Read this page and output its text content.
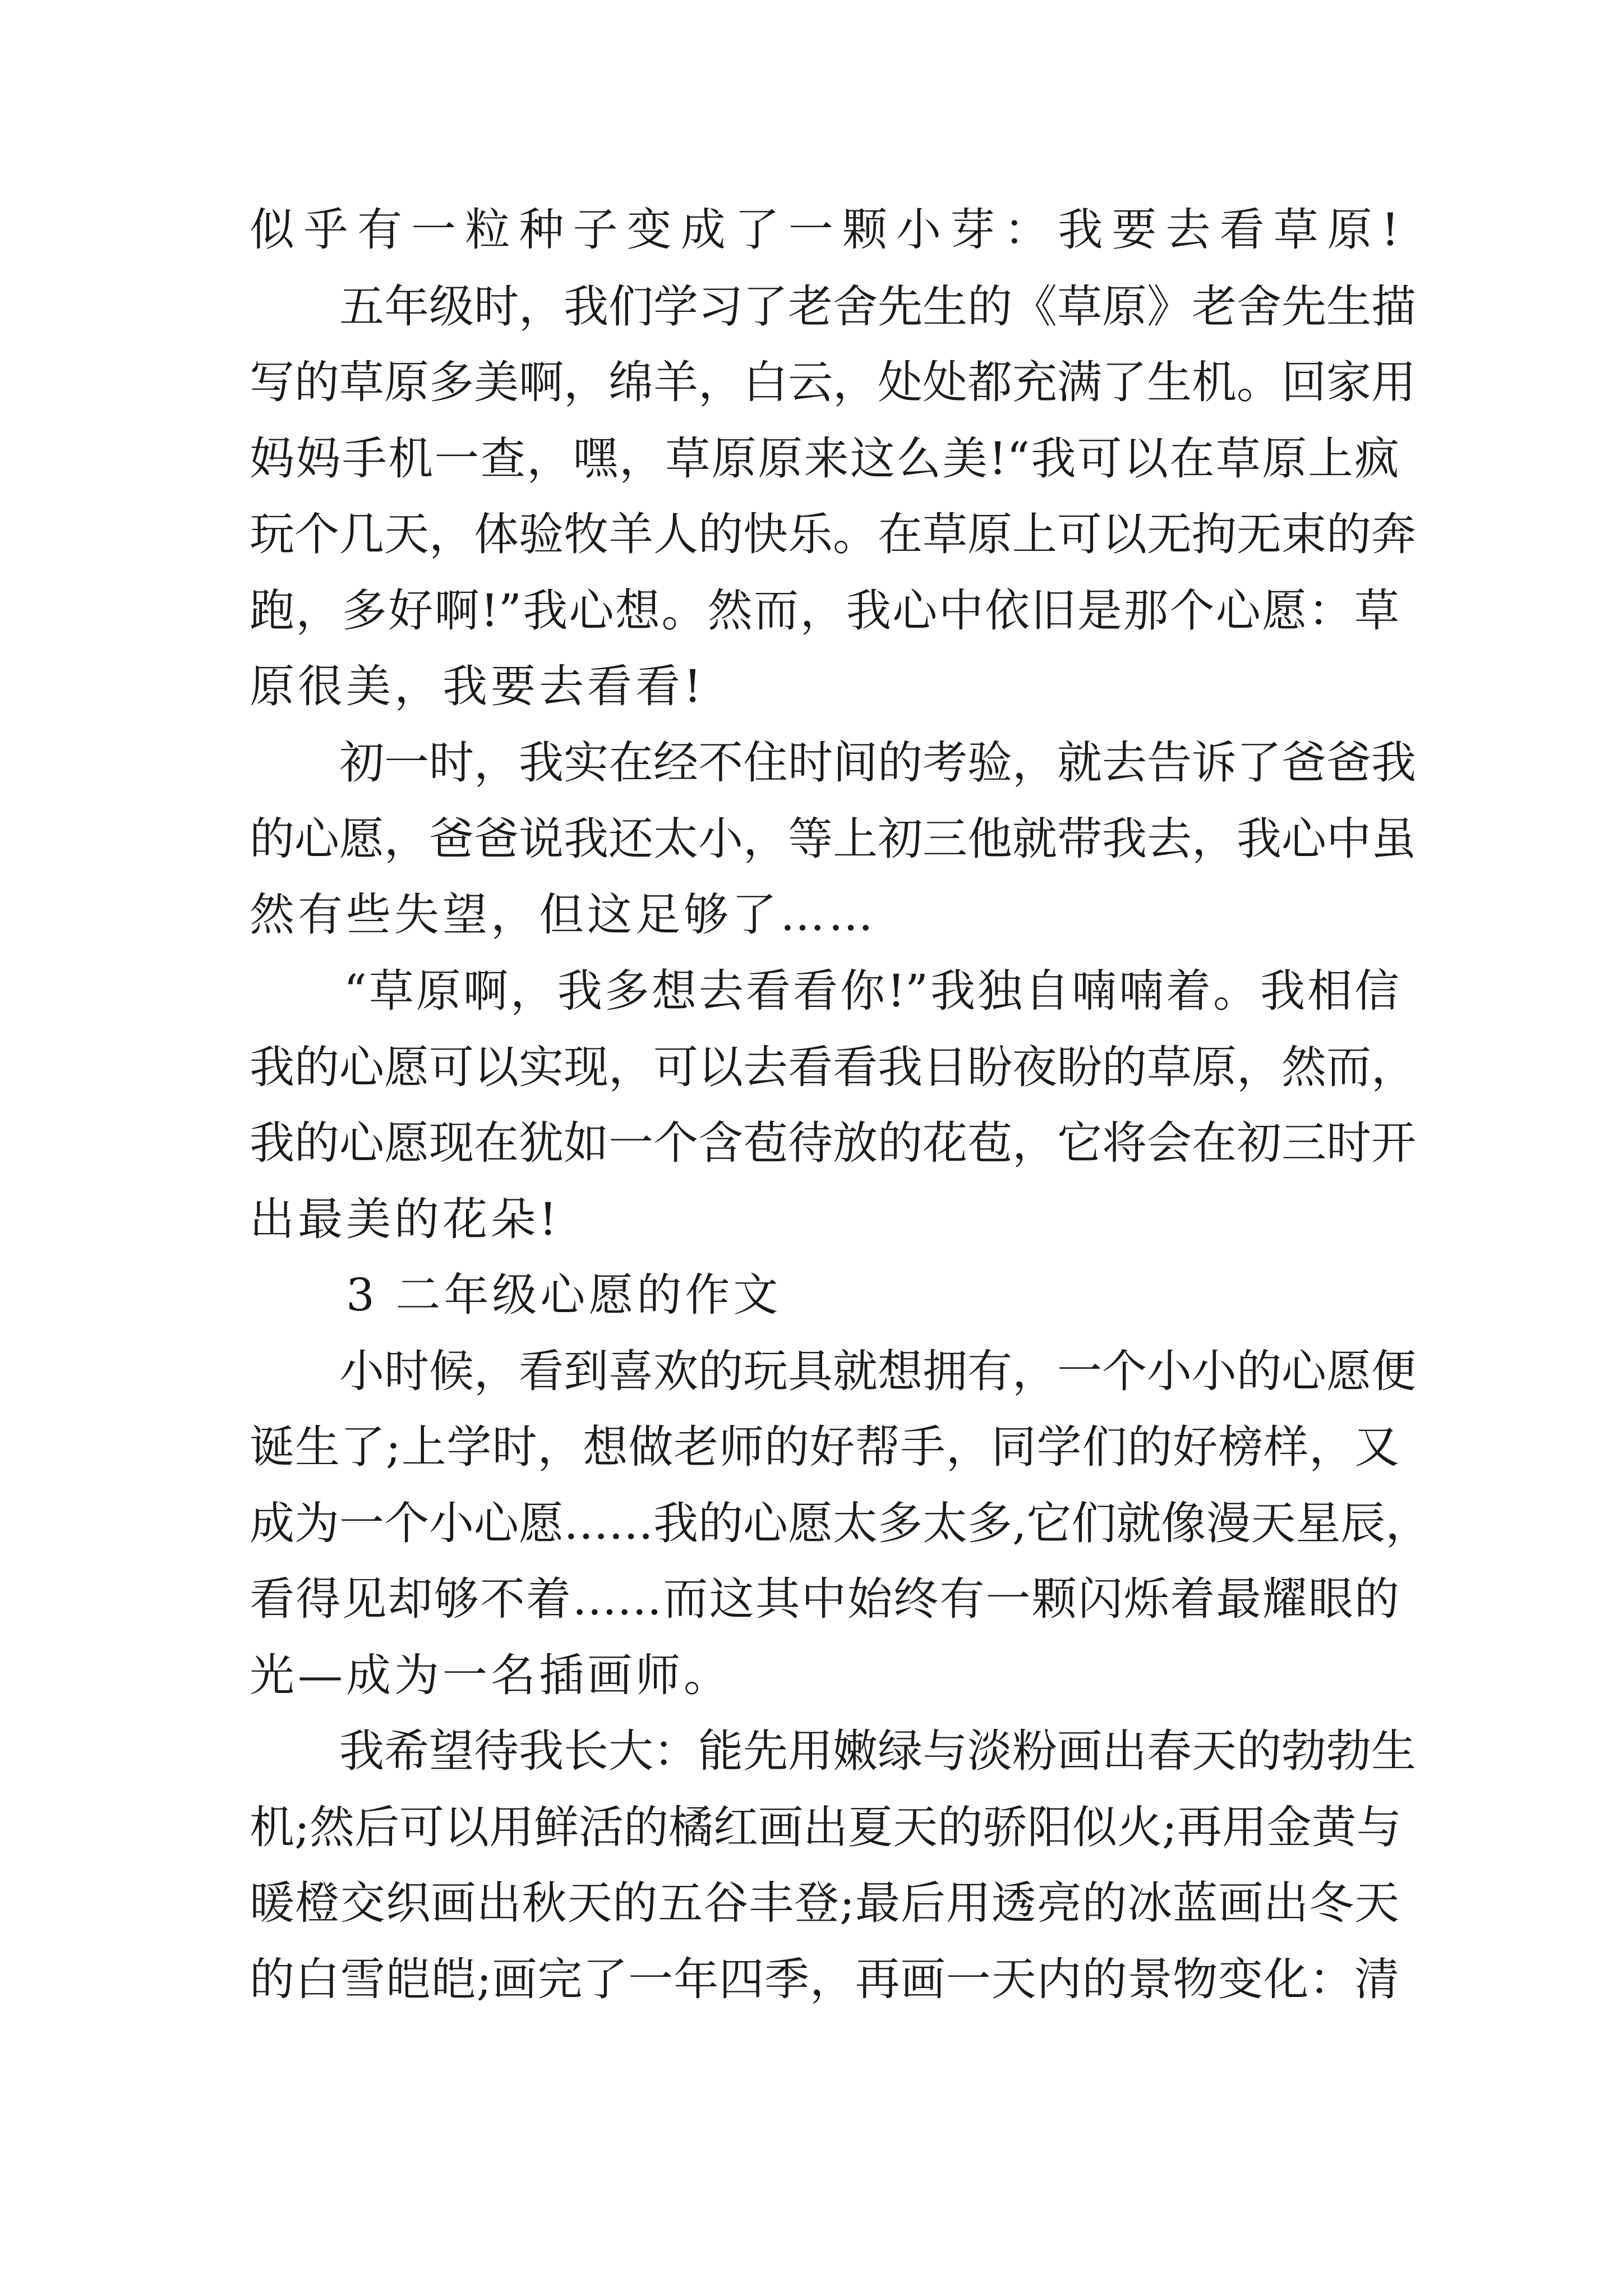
似乎有一粒种子变成了一颗小芽：我要去看草原!
　　五年级时，我们学习了老舍先生的《草原》老舍先生描
写的草原多美啊，绵羊，白云，处处都充满了生机。回家用
妈妈手机一查，嘿，草原原来这么美!“我可以在草原上疯
玩个几天，体验牧羊人的快乐。在草原上可以无拘无束的奔
跑，多好啊!”我心想。然而，我心中依旧是那个心愿：草
原很美，我要去看看!
　　初一时，我实在经不住时间的考验，就去告诉了爸爸我
的心愿，爸爸说我还太小，等上初三他就带我去，我心中虽
然有些失望，但这足够了……
　　“草原啊，我多想去看看你!”我独自喃喃着。我相信
我的心愿可以实现，可以去看看我日盼夜盼的草原，然而，
我的心愿现在犹如一个含苞待放的花苞，它将会在初三时开
出最美的花朵!
　　3 二年级心愿的作文
　　小时候，看到喜欢的玩具就想拥有，一个小小的心愿便
诞生了;上学时，想做老师的好帮手，同学们的好榜样，又
成为一个小心愿……我的心愿太多太多,它们就像漫天星辰，
看得见却够不着……而这其中始终有一颗闪烁着最耀眼的
光—成为一名插画师。
　　我希望待我长大：能先用嫩绿与淡粉画出春天的勃勃生
机;然后可以用鲜活的橘红画出夏天的骄阳似火;再用金黄与
暖橙交织画出秋天的五谷丰登;最后用透亮的冰蓝画出冬天
的白雪皑皑;画完了一年四季，再画一天内的景物变化：清
